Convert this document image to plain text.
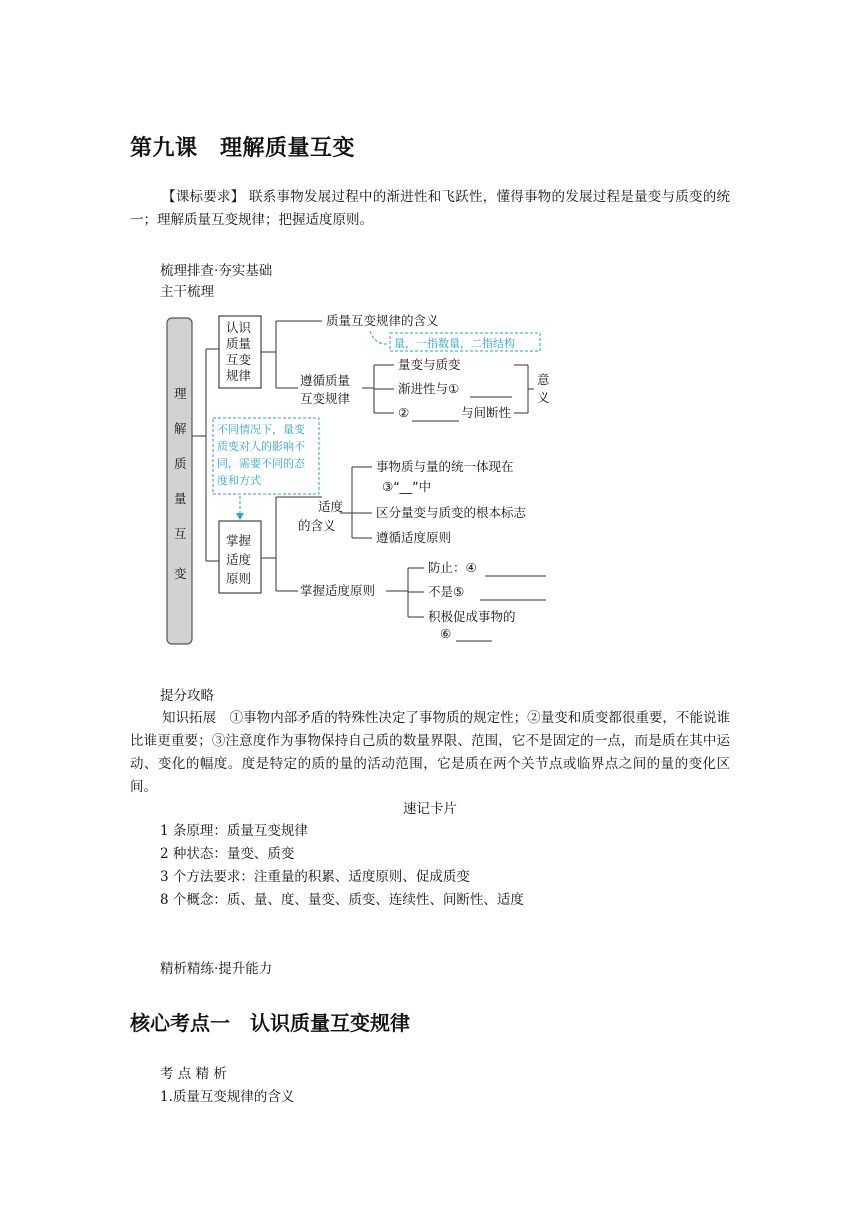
第九课　理解质量互变
【课标要求】 联系事物发展过程中的渐进性和飞跃性，懂得事物的发展过程是量变与质变的统一；理解质量互变规律；把握适度原则。
梳理排查·夯实基础
主干梳理
理
解
质
量
互
变
认识
质量
互变
规律
质量互变规律的含义
量，一指数量，二指结构
遵循质量
互变规律
量变与质变
渐进性与①
②	与间断性
意
义
不同情况下，量变
质变对人的影响不
同，需要不同的态
度和方式
掌握
适度
原则
适度
的含义
事物质与量的统一体现在
③“__”中
区分量变与质变的根本标志
遵循适度原则
掌握适度原则
防止：④
不是⑤
积极促成事物的
⑥
提分攻略
知识拓展　①事物内部矛盾的特殊性决定了事物质的规定性；②量变和质变都很重要，不能说谁比谁更重要；③注意度作为事物保持自己质的数量界限、范围，它不是固定的一点，而是质在其中运动、变化的幅度。度是特定的质的量的活动范围，它是质在两个关节点或临界点之间的量的变化区间。
速记卡片
1 条原理：质量互变规律
2 种状态：量变、质变
3 个方法要求：注重量的积累、适度原则、促成质变
8 个概念：质、量、度、量变、质变、连续性、间断性、适度
精析精练·提升能力
核心考点一　认识质量互变规律
考 点 精 析
1.质量互变规律的含义
